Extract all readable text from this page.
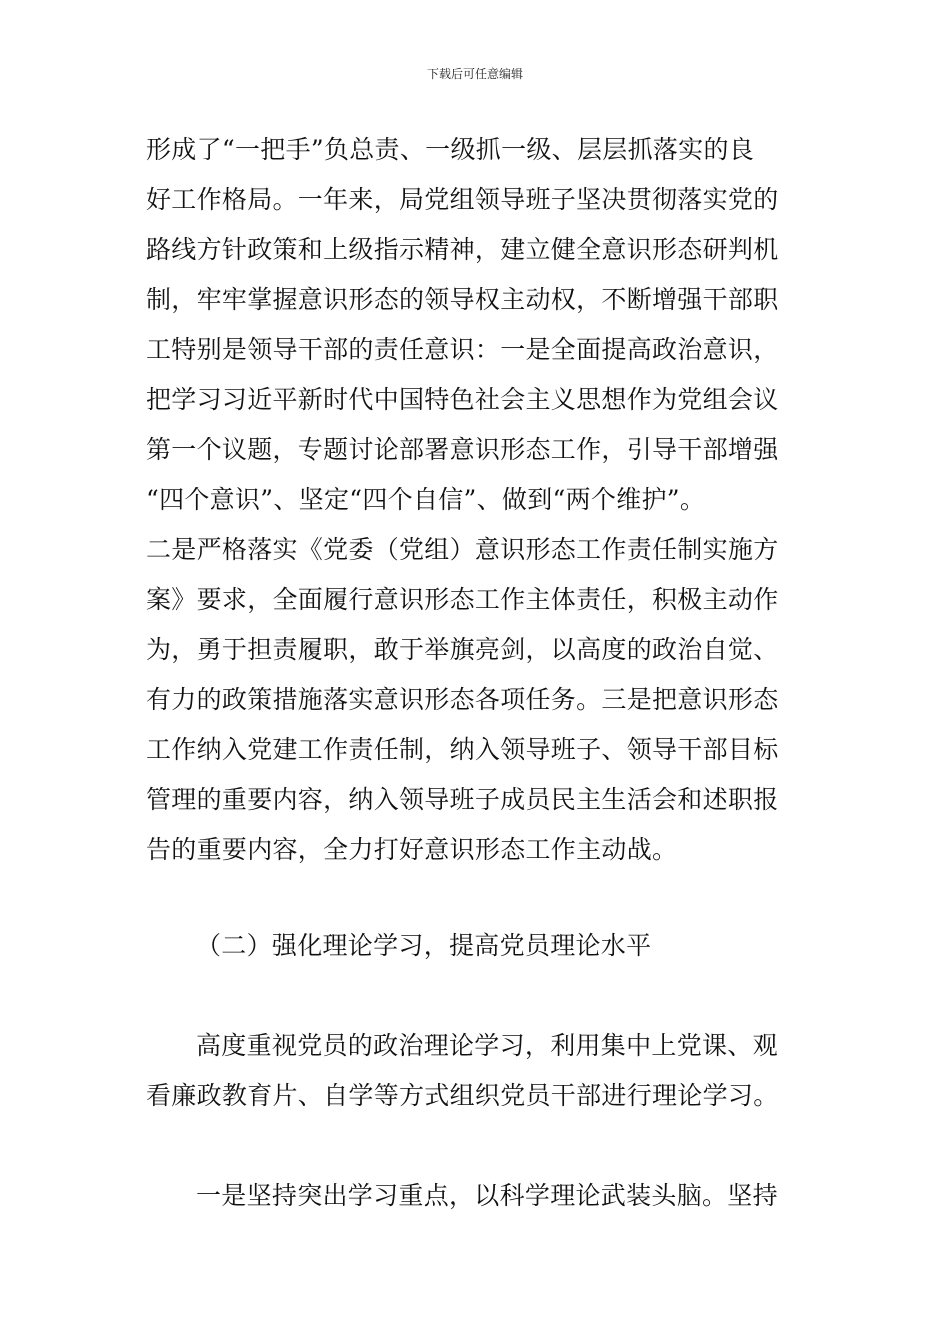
下载后可任意编辑
形成了“一把手”负总责、一级抓一级、层层抓落实的良
好工作格局。一年来，局党组领导班子坚决贯彻落实党的
路线方针政策和上级指示精神，建立健全意识形态研判机
制，牢牢掌握意识形态的领导权主动权，不断增强干部职
工特别是领导干部的责任意识：一是全面提高政治意识，
把学习习近平新时代中国特色社会主义思想作为党组会议
第一个议题，专题讨论部署意识形态工作，引导干部增强
“四个意识”、坚定“四个自信”、做到“两个维护”。
二是严格落实《党委（党组）意识形态工作责任制实施方
案》要求，全面履行意识形态工作主体责任，积极主动作
为，勇于担责履职，敢于举旗亮剑，以高度的政治自觉、
有力的政策措施落实意识形态各项任务。三是把意识形态
工作纳入党建工作责任制，纳入领导班子、领导干部目标
管理的重要内容，纳入领导班子成员民主生活会和述职报
告的重要内容，全力打好意识形态工作主动战。
（二）强化理论学习，提高党员理论水平
高度重视党员的政治理论学习，利用集中上党课、观
看廉政教育片、自学等方式组织党员干部进行理论学习。
一是坚持突出学习重点，以科学理论武装头脑。坚持
